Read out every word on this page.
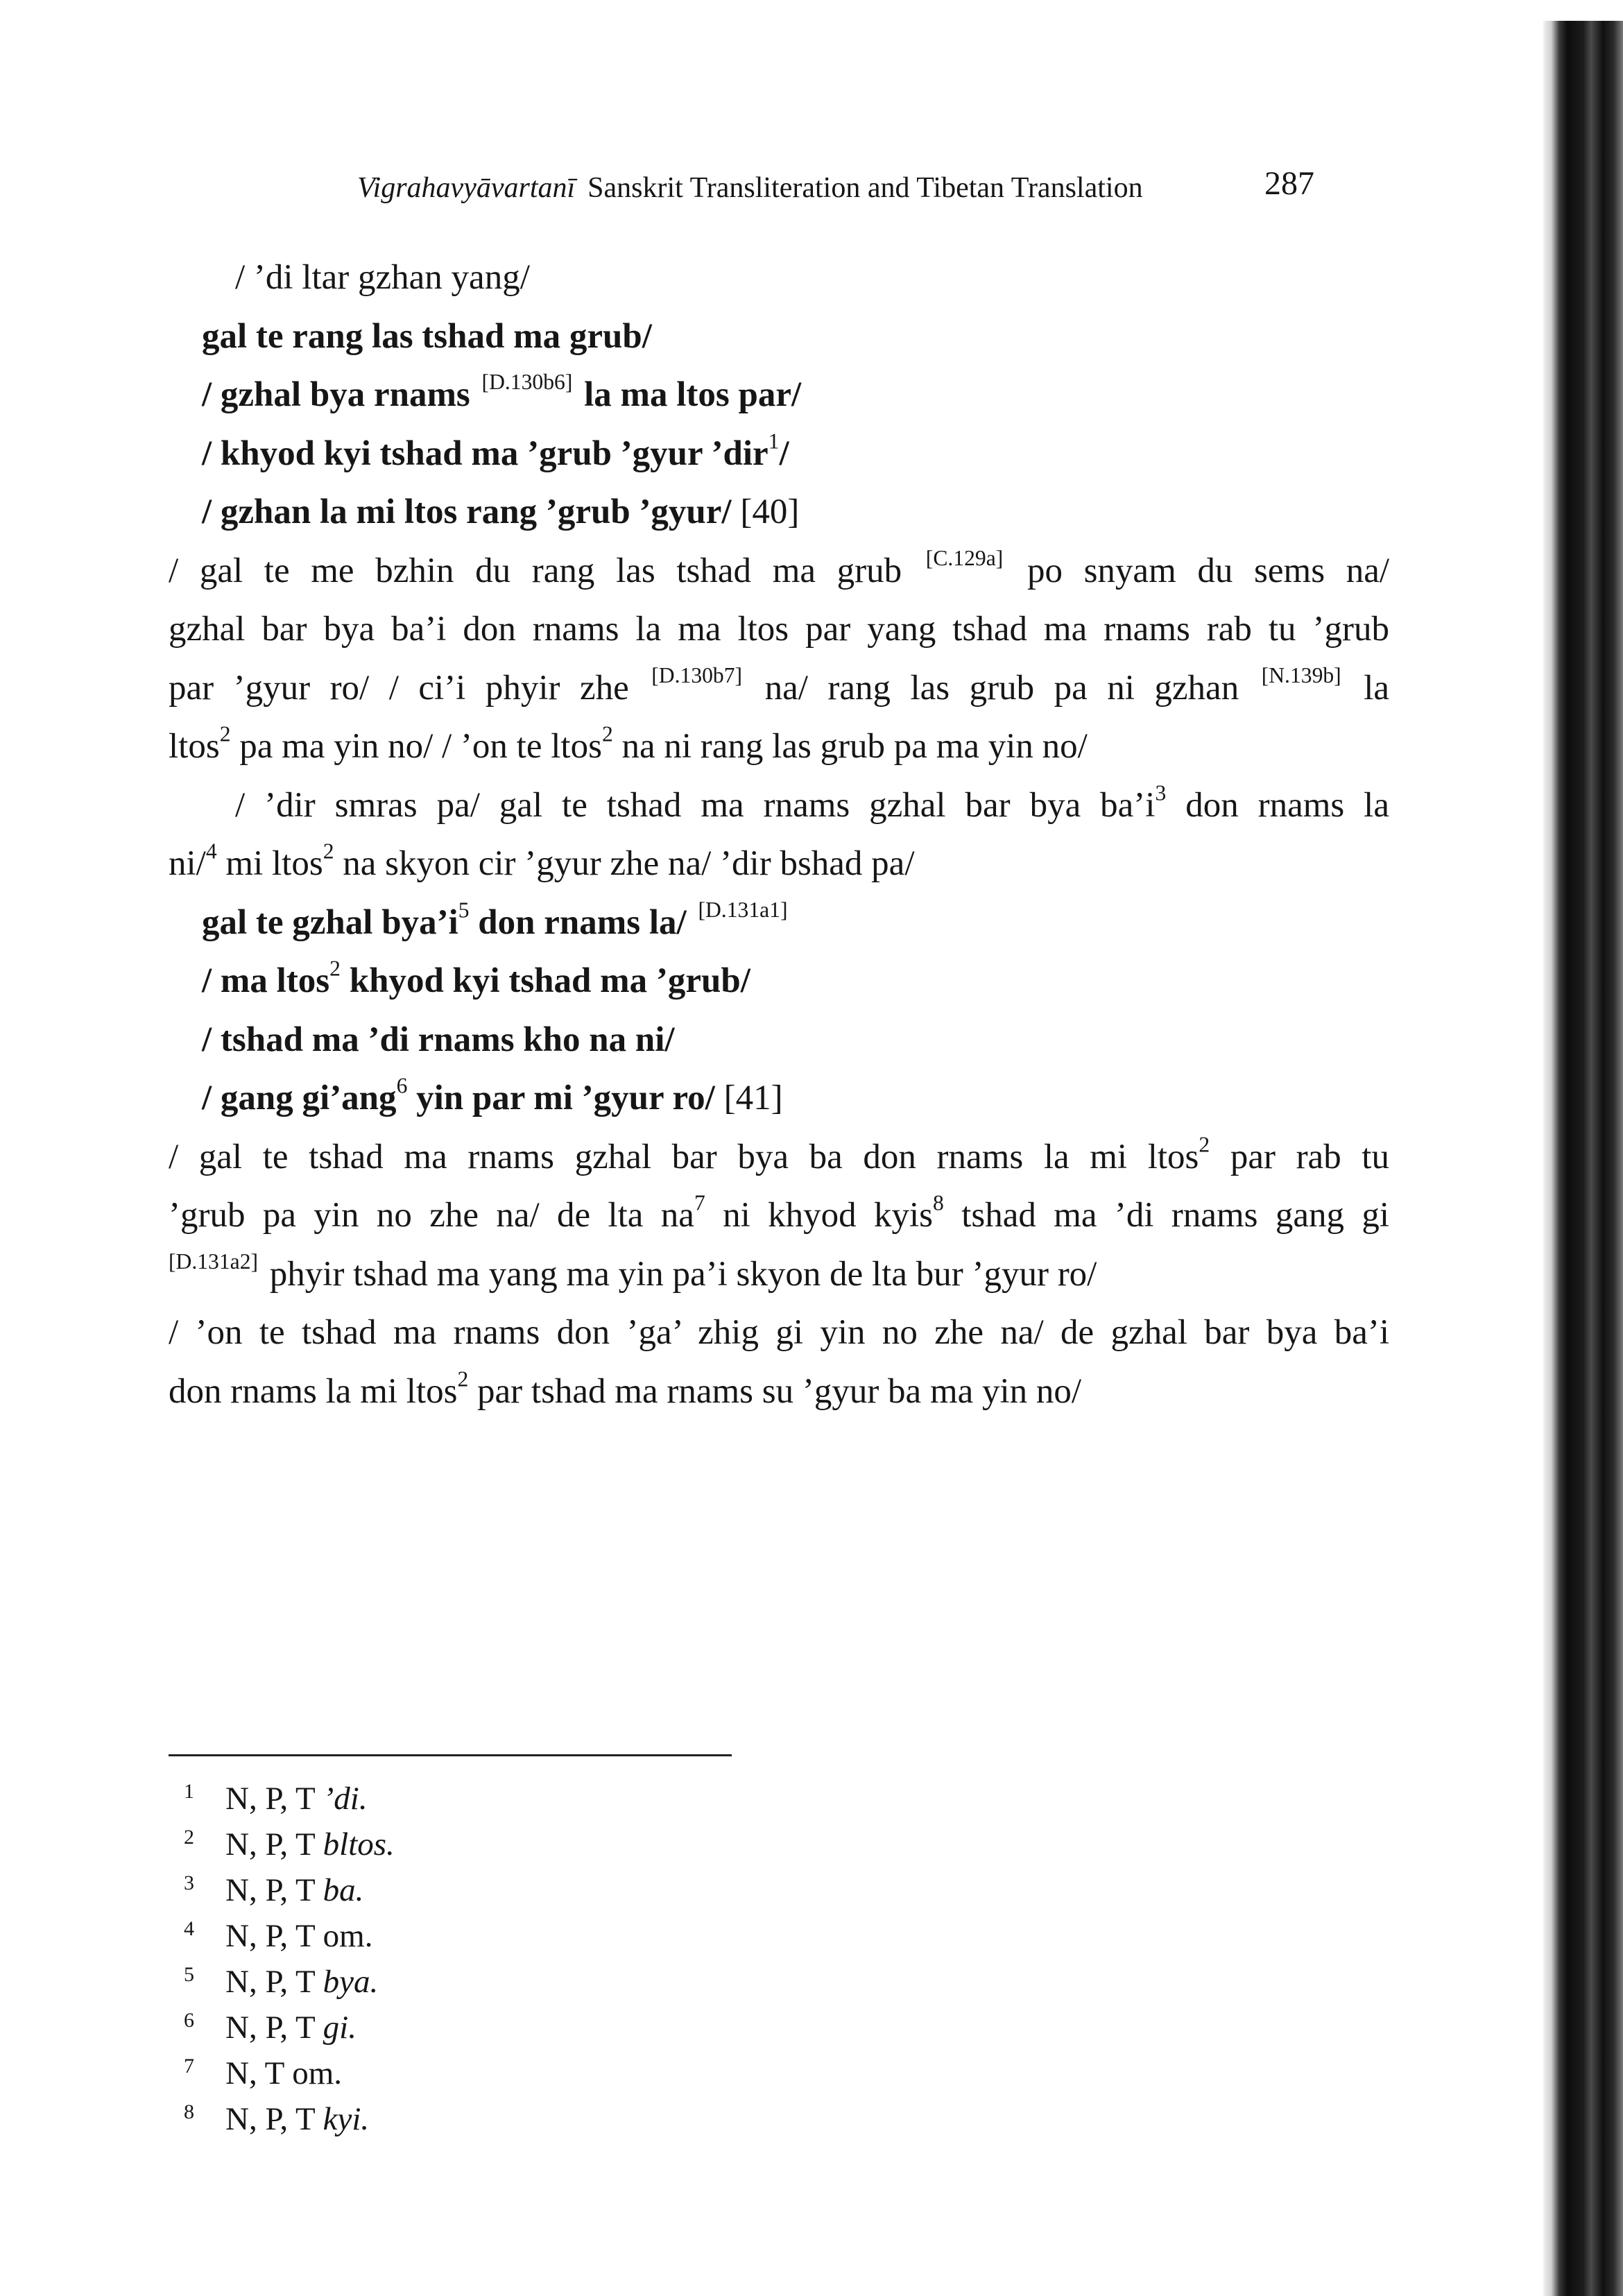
Vigrahavyāvartanī Sanskrit Transliteration and Tibetan Translation	287
/ ’di ltar gzhan yang/
gal te rang las tshad ma grub/
/ gzhal bya rnams [D.130b6] la ma ltos par/
/ khyod kyi tshad ma ’grub ’gyur ’dir$^1$/
/ gzhan la mi ltos rang ’grub ’gyur/ [40]
/ gal te me bzhin du rang las tshad ma grub [C.129a] po snyam du sems na/
gzhal bar bya ba’i don rnams la ma ltos par yang tshad ma rnams rab tu ’grub
par ’gyur ro/ / ci’i phyir zhe [D.130b7] na/ rang las grub pa ni gzhan [N.139b] la
ltos$^2$ pa ma yin no/ / ’on te ltos$^2$ na ni rang las grub pa ma yin no/
/ ’dir smras pa/ gal te tshad ma rnams gzhal bar bya $ba’i^3$ don rnams la
ni/$^4$ mi ltos$^2$ na skyon cir ’gyur zhe na/ ’dir bshad pa/
gal te gzhal $bya’i^5$ don rnams la/ [D.131a1]
/ ma ltos$^2$ khyod kyi tshad ma ’grub/
/ tshad ma ’di rnams kho na ni/
/ gang gi’ang$^6$ yin par mi ’gyur ro/ [41]
/ gal te tshad ma rnams gzhal bar bya ba don rnams la mi ltos$^2$ par rab tu
’grub pa yin no zhe na/ de lta $na^7$ ni khyod kyis$^8$ tshad ma ’di rnams gang gi
[D.131a2] phyir tshad ma yang ma yin pa’i skyon de lta bur ’gyur ro/
/ ’on te tshad ma rnams don ’ga’ zhig gi yin no zhe na/ de gzhal bar bya ba’i
don rnams la mi ltos$^2$ par tshad ma rnams su ’gyur ba ma yin no/
1 N, P, T ’di.
2 N, P, T bltos.
3 N, P, T ba.
4 N, P, T om.
5 N, P, T bya.
6 N, P, T gi.
7 N, T om.
8 N, P, T kyi.
